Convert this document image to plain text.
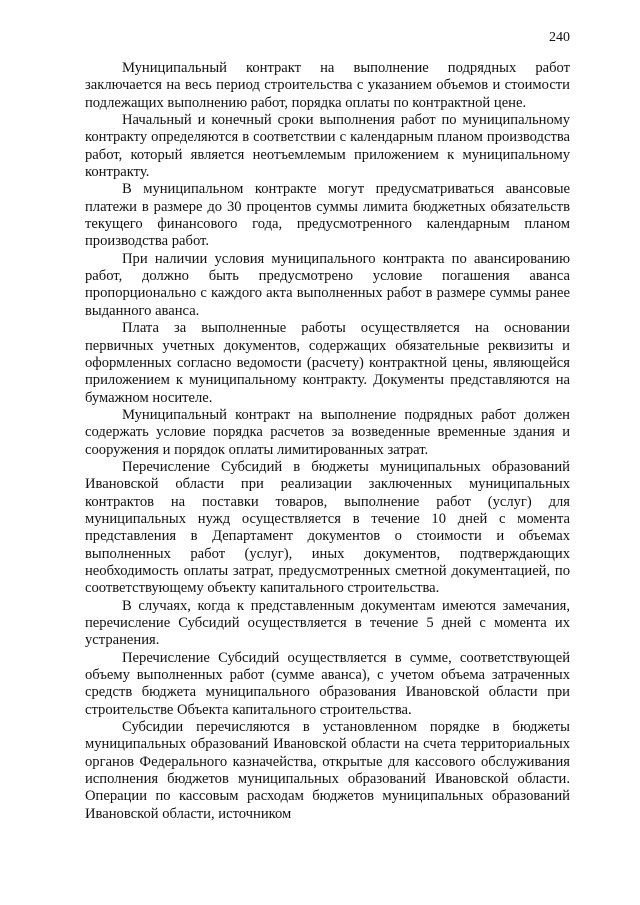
240

Муниципальный контракт на выполнение подрядных работ заключается на весь период строительства с указанием объемов и стоимости подлежащих выполнению работ, порядка оплаты по контрактной цене.

Начальный и конечный сроки выполнения работ по муниципальному контракту определяются в соответствии с календарным планом производства работ, который является неотъемлемым приложением к муниципальному контракту.

В муниципальном контракте могут предусматриваться авансовые платежи в размере до 30 процентов суммы лимита бюджетных обязательств текущего финансового года, предусмотренного календарным планом производства работ.

При наличии условия муниципального контракта по авансированию работ, должно быть предусмотрено условие погашения аванса пропорционально с каждого акта выполненных работ в размере суммы ранее выданного аванса.

Плата за выполненные работы осуществляется на основании первичных учетных документов, содержащих обязательные реквизиты и оформленных согласно ведомости (расчету) контрактной цены, являющейся приложением к муниципальному контракту. Документы представляются на бумажном носителе.

Муниципальный контракт на выполнение подрядных работ должен содержать условие порядка расчетов за возведенные временные здания и сооружения и порядок оплаты лимитированных затрат.

Перечисление Субсидий в бюджеты муниципальных образований Ивановской области при реализации заключенных муниципальных контрактов на поставки товаров, выполнение работ (услуг) для муниципальных нужд осуществляется в течение 10 дней с момента представления в Департамент документов о стоимости и объемах выполненных работ (услуг), иных документов, подтверждающих необходимость оплаты затрат, предусмотренных сметной документацией, по соответствующему объекту капитального строительства.

В случаях, когда к представленным документам имеются замечания, перечисление Субсидий осуществляется в течение 5 дней с момента их устранения.

Перечисление Субсидий осуществляется в сумме, соответствующей объему выполненных работ (сумме аванса), с учетом объема затраченных средств бюджета муниципального образования Ивановской области при строительстве Объекта капитального строительства.

Субсидии перечисляются в установленном порядке в бюджеты муниципальных образований Ивановской области на счета территориальных органов Федерального казначейства, открытые для кассового обслуживания исполнения бюджетов муниципальных образований Ивановской области. Операции по кассовым расходам бюджетов муниципальных образований Ивановской области, источником
